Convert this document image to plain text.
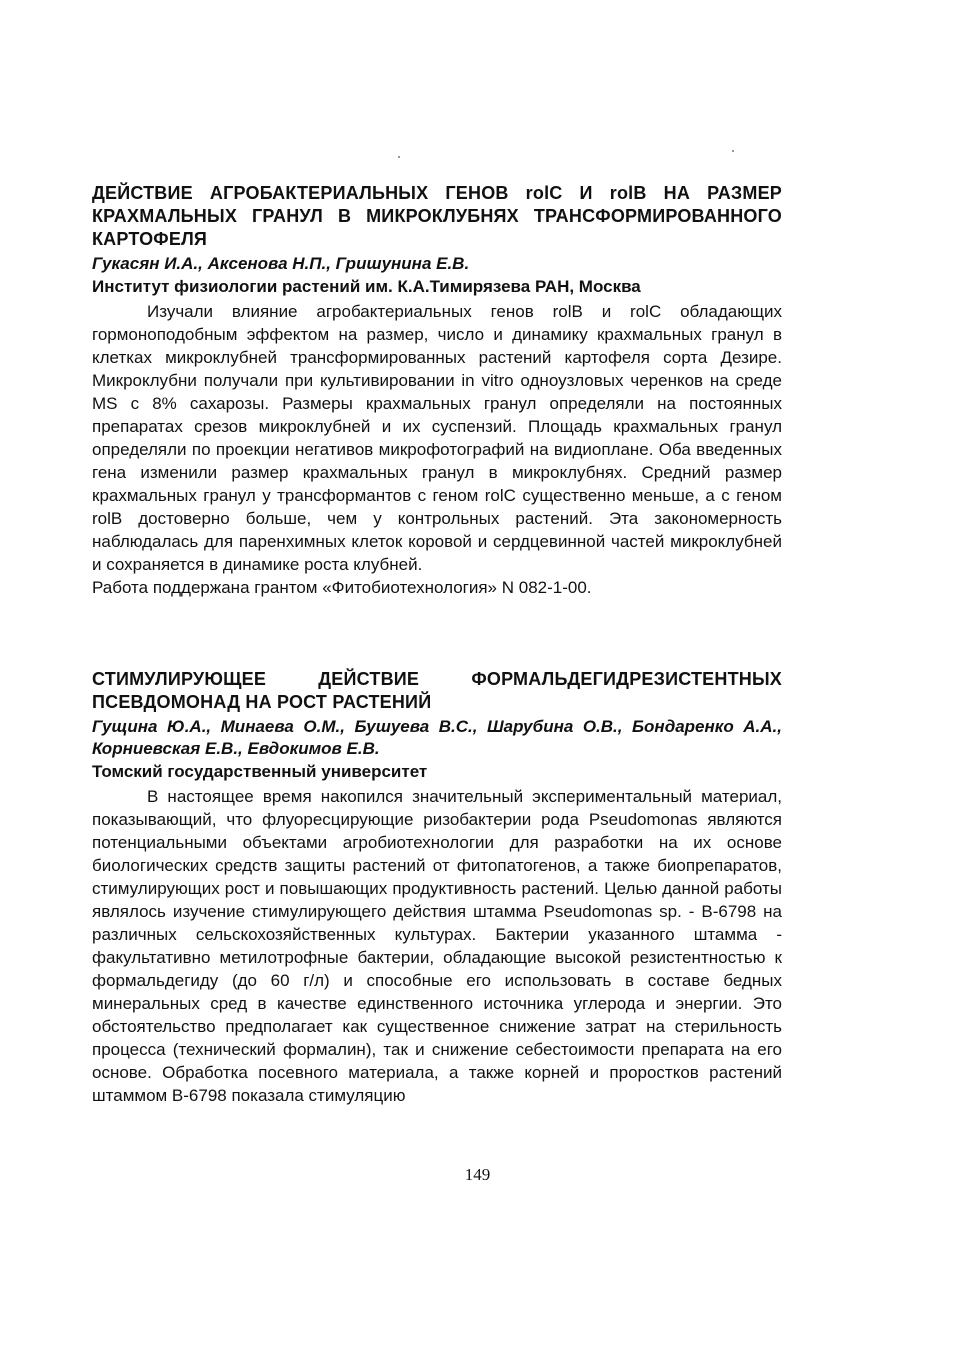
ДЕЙСТВИЕ АГРОБАКТЕРИАЛЬНЫХ ГЕНОВ rolC И rolB НА РАЗМЕР КРАХМАЛЬНЫХ ГРАНУЛ В МИКРОКЛУБНЯХ ТРАНСФОРМИРОВАННОГО КАРТОФЕЛЯ

Гукасян И.А., Аксенова Н.П., Гришунина Е.В.

Институт физиологии растений им. К.А.Тимирязева РАН, Москва

Изучали влияние агробактериальных генов rolB и rolC обладающих гормоноподобным эффектом на размер, число и динамику крахмальных гранул в клетках микроклубней трансформированных растений картофеля сорта Дезире. Микроклубни получали при культивировании in vitro одноузловых черенков на среде MS с 8% сахарозы. Размеры крахмальных гранул определяли на постоянных препаратах срезов микроклубней и их суспензий. Площадь крахмальных гранул определяли по проекции негативов микрофотографий на видиоплане. Оба введенных гена изменили размер крахмальных гранул в микроклубнях. Средний размер крахмальных гранул у трансформантов с геном rolC существенно меньше, а с геном rolB достоверно больше, чем у контрольных растений. Эта закономерность наблюдалась для паренхимных клеток коровой и сердцевинной частей микроклубней и сохраняется в динамике роста клубней.

Работа поддержана грантом «Фитобиотехнология» N 082-1-00.

СТИМУЛИРУЮЩЕЕ ДЕЙСТВИЕ ФОРМАЛЬДЕГИДРЕЗИСТЕНТНЫХ ПСЕВДОМОНАД НА РОСТ РАСТЕНИЙ

Гущина Ю.А., Минаева О.М., Бушуева В.С., Шарубина О.В., Бондаренко А.А., Корниевская Е.В., Евдокимов Е.В.

Томский государственный университет

В настоящее время накопился значительный экспериментальный материал, показывающий, что флуоресцирующие ризобактерии рода Pseudomonas являются потенциальными объектами агробиотехнологии для разработки на их основе биологических средств защиты растений от фитопатогенов, а также биопрепаратов, стимулирующих рост и повышающих продуктивность растений. Целью данной работы являлось изучение стимулирующего действия штамма Pseudomonas sp. - В-6798 на различных сельскохозяйственных культурах. Бактерии указанного штамма - факультативно метилотрофные бактерии, обладающие высокой резистентностью к формальдегиду (до 60 г/л) и способные его использовать в составе бедных минеральных сред в качестве единственного источника углерода и энергии. Это обстоятельство предполагает как существенное снижение затрат на стерильность процесса (технический формалин), так и снижение себестоимости препарата на его основе. Обработка посевного материала, а также корней и проростков растений штаммом В-6798 показала стимуляцию

149
